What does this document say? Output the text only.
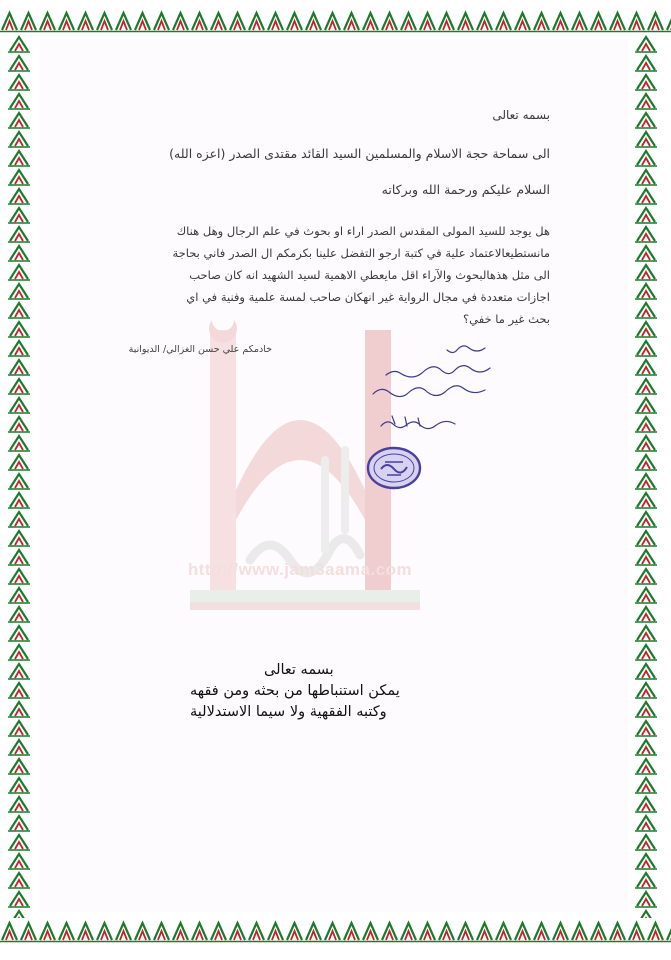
http://www.jam3aama.com
بسمه تعالى
الى سماحة حجة الاسلام والمسلمين السيد القائد مقتدى الصدر (اعزه الله)
السلام عليكم ورحمة الله وبركاته
هل يوجد للسيد المولى المقدس الصدر اراء او بحوث في علم الرجال وهل هناك
مانستطيعالاعتماد علية في كتبة ارجو التفضل علينا بكرمكم ال الصدر فاني بحاجة
الى مثل هذهالبحوث والآراء اقل مايعطي الاهمية لسيد الشهيد انه كان صاحب
اجازات متعددة في مجال الرواية غير انهكان صاحب لمسة علمية وفنية في اي
بحث غير ما خفي؟
خادمكم علي حسن الغزالي/ الديوانية
بسمه تعالى
يمكن استنباطها من بحثه ومن فقهه
وكتبه الفقهية ولا سيما الاستدلالية
